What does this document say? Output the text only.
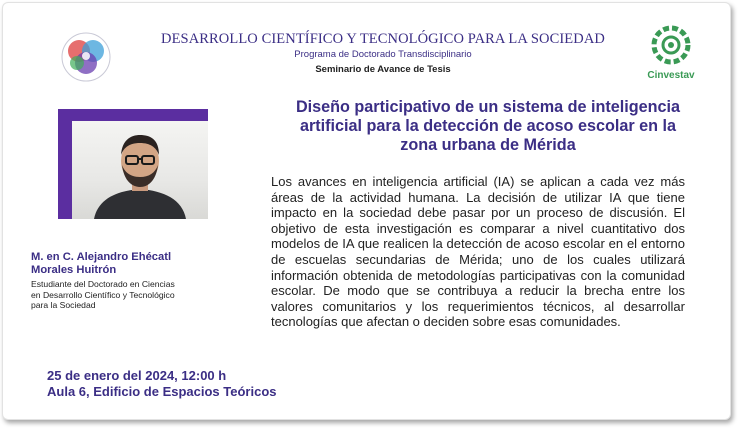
DESARROLLO CIENTÍFICO Y TECNOLÓGICO PARA LA SOCIEDAD
Programa de Doctorado Transdisciplinario
Seminario de Avance de Tesis
Cinvestav
Diseño participativo de un sistema de inteligencia
artificial para la detección de acoso escolar en la
zona urbana de Mérida
Los avances en inteligencia artificial (IA) se aplican a cada vez más áreas de la actividad humana. La decisión de utilizar IA que tiene impacto en la sociedad debe pasar por un proceso de discusión. El objetivo de esta investigación es comparar a nivel cuantitativo dos modelos de IA que realicen la detección de acoso escolar en el entorno de escuelas secundarias de Mérida; uno de los cuales utilizará información obtenida de metodologías participativas con la comunidad escolar. De modo que se contribuya a reducir la brecha entre los valores comunitarios y los requerimientos técnicos, al desarrollar tecnologías que afectan o deciden sobre esas comunidades.
M. en C. Alejandro Ehécatl
Morales Huitrón
Estudiante del Doctorado en Ciencias
en Desarrollo Científico y Tecnológico
para la Sociedad
25 de enero del 2024, 12:00 h
Aula 6, Edificio de Espacios Teóricos
